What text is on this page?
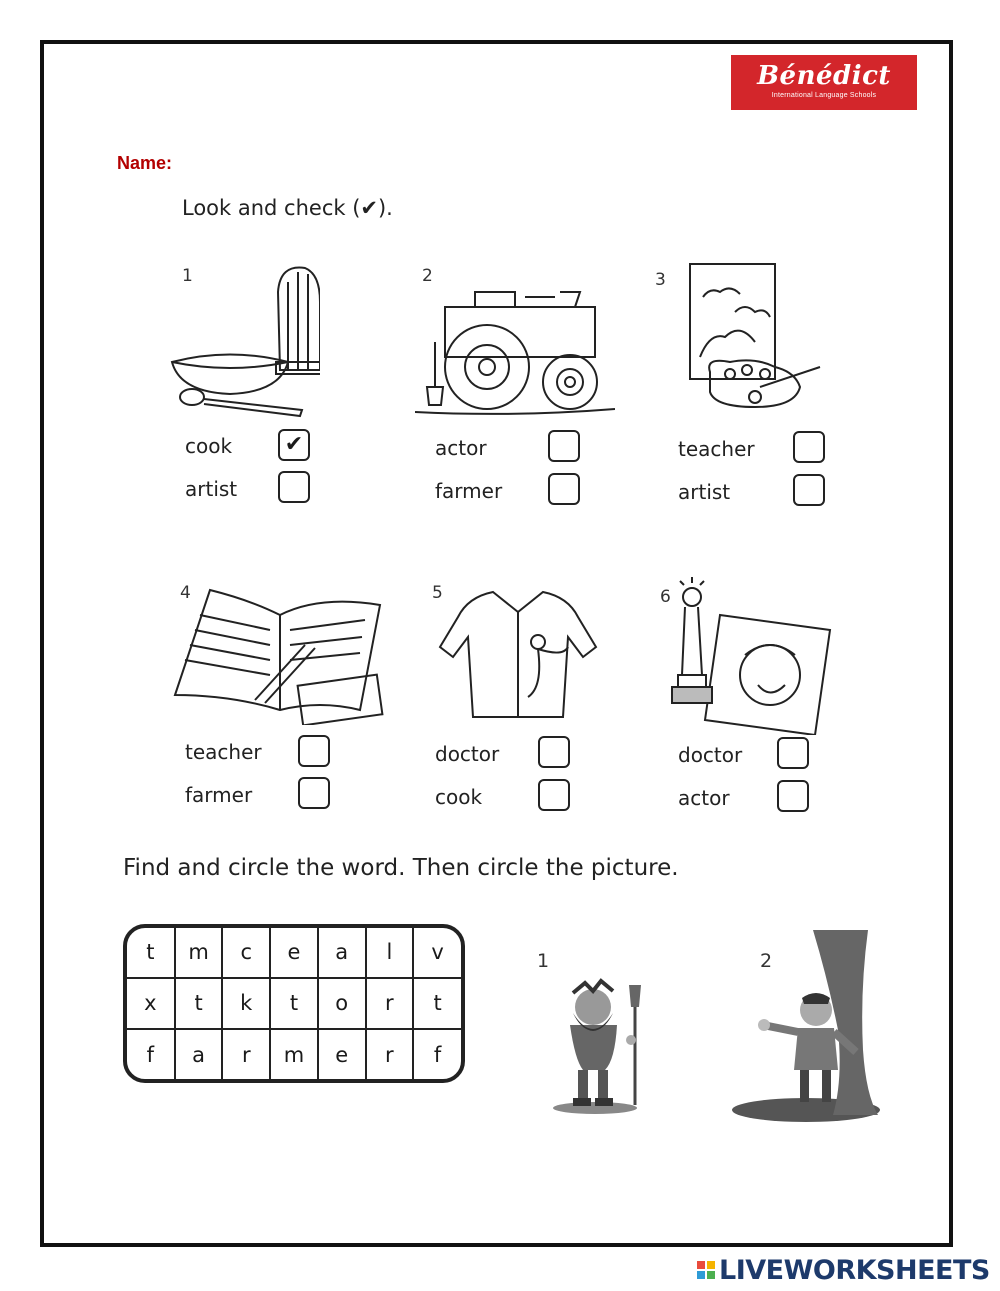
Bénédict
International Language Schools
Name:
Look and check (✔).
1
cook ✔
artist
2
actor
farmer
3
teacher
artist
4
teacher
farmer
5
doctor
cook
6
doctor
actor
Find and circle the word. Then circle the picture.
t	m	c	e	a	l	v
x	t	k	t	o	r	t
f	a	r	m	e	r	f
1	2
LIVEWORKSHEETS
